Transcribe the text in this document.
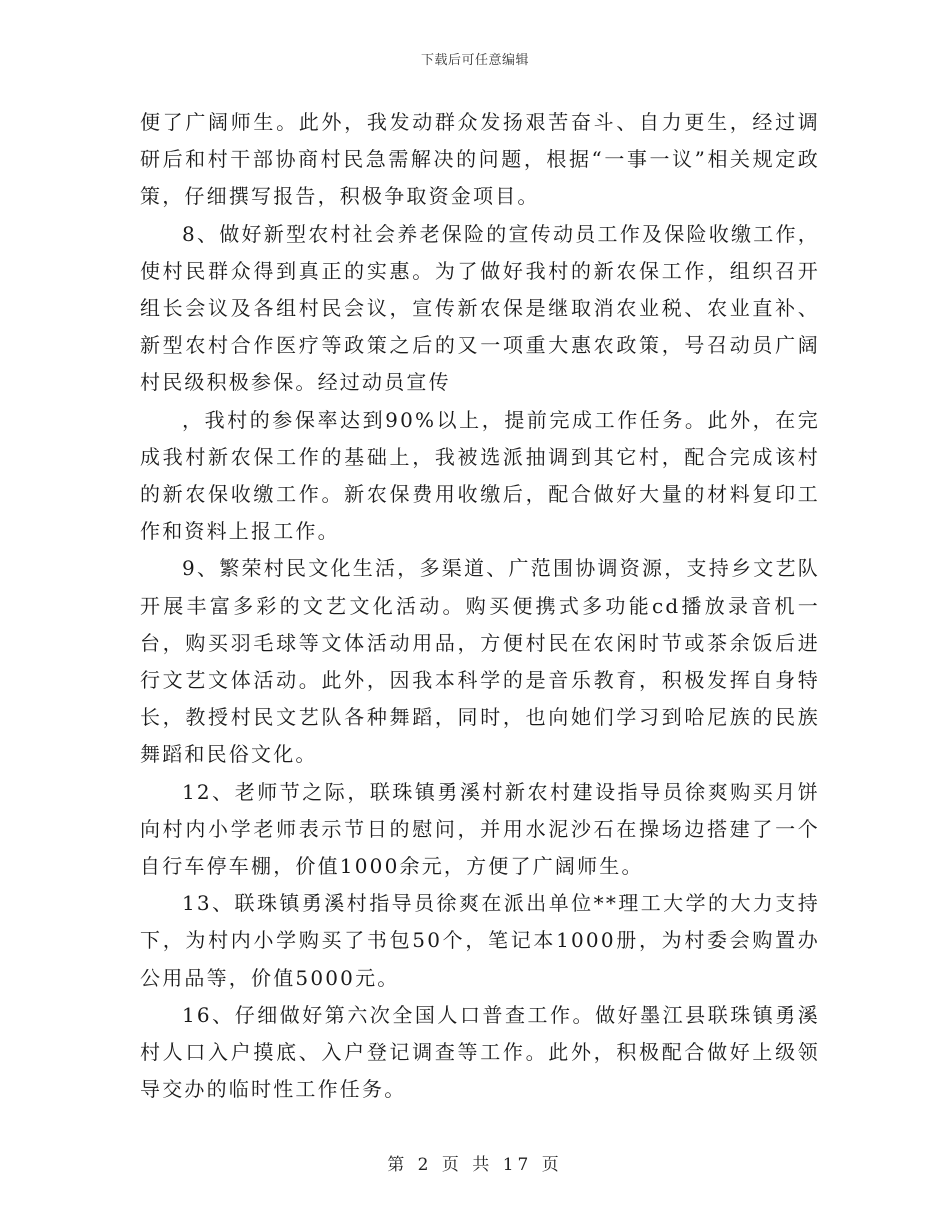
下载后可任意编辑

便了广阔师生。此外，我发动群众发扬艰苦奋斗、自力更生，经过调研后和村干部协商村民急需解决的问题，根据“一事一议”相关规定政策，仔细撰写报告，积极争取资金项目。

8、做好新型农村社会养老保险的宣传动员工作及保险收缴工作，使村民群众得到真正的实惠。为了做好我村的新农保工作，组织召开组长会议及各组村民会议，宣传新农保是继取消农业税、农业直补、新型农村合作医疗等政策之后的又一项重大惠农政策，号召动员广阔村民级积极参保。经过动员宣传

，我村的参保率达到90%以上，提前完成工作任务。此外，在完成我村新农保工作的基础上，我被选派抽调到其它村，配合完成该村的新农保收缴工作。新农保费用收缴后，配合做好大量的材料复印工作和资料上报工作。

9、繁荣村民文化生活，多渠道、广范围协调资源，支持乡文艺队开展丰富多彩的文艺文化活动。购买便携式多功能cd播放录音机一台，购买羽毛球等文体活动用品，方便村民在农闲时节或茶余饭后进行文艺文体活动。此外，因我本科学的是音乐教育，积极发挥自身特长，教授村民文艺队各种舞蹈，同时，也向她们学习到哈尼族的民族舞蹈和民俗文化。

12、老师节之际，联珠镇勇溪村新农村建设指导员徐爽购买月饼向村内小学老师表示节日的慰问，并用水泥沙石在操场边搭建了一个自行车停车棚，价值1000余元，方便了广阔师生。

13、联珠镇勇溪村指导员徐爽在派出单位**理工大学的大力支持下，为村内小学购买了书包50个，笔记本1000册，为村委会购置办公用品等，价值5000元。

16、仔细做好第六次全国人口普查工作。做好墨江县联珠镇勇溪村人口入户摸底、入户登记调查等工作。此外，积极配合做好上级领导交办的临时性工作任务。

第 2 页 共 17 页
